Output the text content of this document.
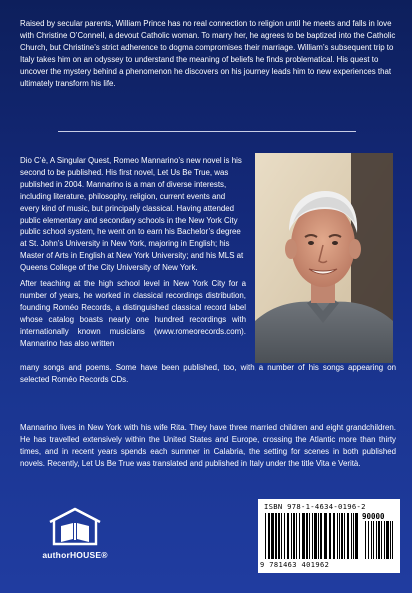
Raised by secular parents, William Prince has no real connection to religion until he meets and falls in love with Christine O’Connell, a devout Catholic woman. To marry her, he agrees to be baptized into the Catholic Church, but Christine’s strict adherence to dogma compromises their marriage. William’s subsequent trip to Italy takes him on an odyssey to understand the meaning of beliefs he finds problematical. His quest to uncover the mystery behind a phenomenon he discovers on his journey leads him to new experiences that ultimately transform his life.

Dio C’è, A Singular Quest, Romeo Mannarino’s new novel is his second to be published. His first novel, Let Us Be True, was published in 2004. Mannarino is a man of diverse interests, including literature, philosophy, religion, current events and every kind of music, but principally classical. Having attended public elementary and secondary schools in the New York City public school system, he went on to earn his Bachelor’s degree at St. John’s University in New York, majoring in English; his Master of Arts in English at New York University; and his MLS at Queens College of the City University of New York.

After teaching at the high school level in New York City for a number of years, he worked in classical recordings distribution, founding Roméo Records, a distinguished classical record label whose catalog boasts nearly one hundred recordings with internationally known musicians (www.romeorecords.com). Mannarino has also written

many songs and poems. Some have been published, too, with a number of his songs appearing on selected Roméo Records CDs.

Mannarino lives in New York with his wife Rita. They have three married children and eight grandchildren. He has travelled extensively within the United States and Europe, crossing the Atlantic more than thirty times, and in recent years spends each summer in Calabria, the setting for scenes in both published novels. Recently, Let Us Be True was translated and published in Italy under the title Vita e Verità.

authorHOUSE®
ISBN 978-1-4634-0196-2
90000
9 781463 401962
